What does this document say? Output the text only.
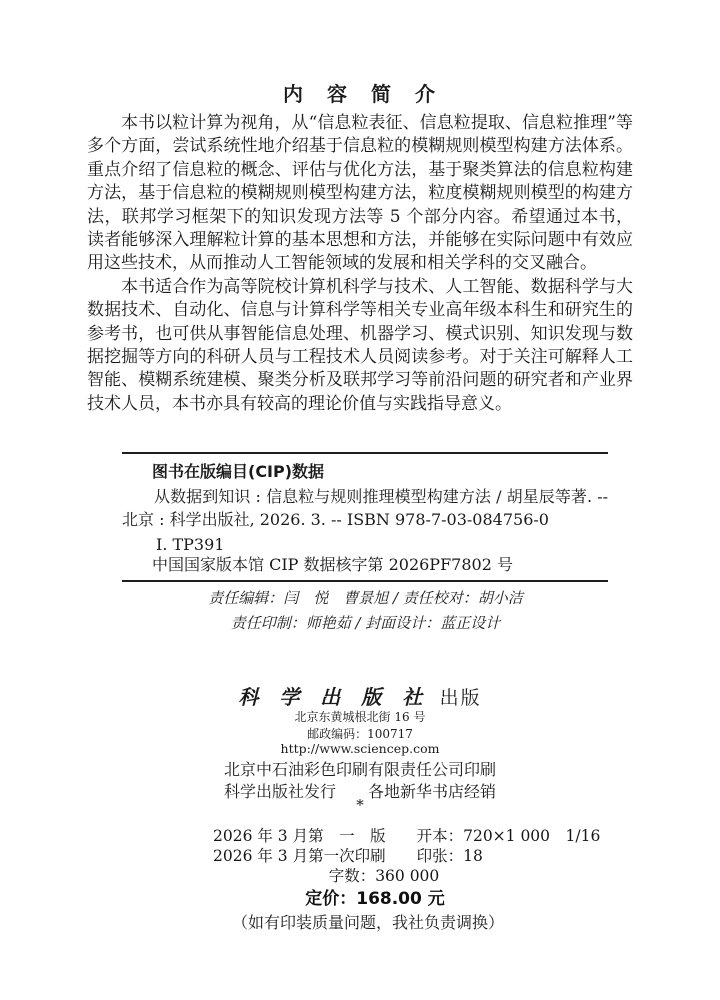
内　容　简　介

本书以粒计算为视角，从“信息粒表征、信息粒提取、信息粒推理”等多个方面，尝试系统性地介绍基于信息粒的模糊规则模型构建方法体系。重点介绍了信息粒的概念、评估与优化方法，基于聚类算法的信息粒构建方法，基于信息粒的模糊规则模型构建方法，粒度模糊规则模型的构建方法，联邦学习框架下的知识发现方法等 5 个部分内容。希望通过本书，读者能够深入理解粒计算的基本思想和方法，并能够在实际问题中有效应用这些技术，从而推动人工智能领域的发展和相关学科的交叉融合。

本书适合作为高等院校计算机科学与技术、人工智能、数据科学与大数据技术、自动化、信息与计算科学等相关专业高年级本科生和研究生的参考书，也可供从事智能信息处理、机器学习、模式识别、知识发现与数据挖掘等方向的科研人员与工程技术人员阅读参考。对于关注可解释人工智能、模糊系统建模、聚类分析及联邦学习等前沿问题的研究者和产业界技术人员，本书亦具有较高的理论价值与实践指导意义。

图书在版编目(CIP)数据

从数据到知识 : 信息粒与规则推理模型构建方法 / 胡星辰等著. -- 北京 : 科学出版社, 2026. 3. -- ISBN 978-7-03-084756-0

Ⅰ. TP391
中国国家版本馆 CIP 数据核字第 2026PF7802 号
责任编辑：闫　悦　曹景旭 / 责任校对：胡小洁
责任印制：师艳茹 / 封面设计：蓝正设计
科 学 出 版 社 出版
北京东黄城根北街 16 号
邮政编码：100717
http://www.sciencep.com
北京中石油彩色印刷有限责任公司印刷
科学出版社发行　　各地新华书店经销
*
2026 年 3 月第　一　版　　开本：720×1 000　1/16
2026 年 3 月第一次印刷　　印张：18
字数：360 000
定价：168.00 元
（如有印装质量问题，我社负责调换）
